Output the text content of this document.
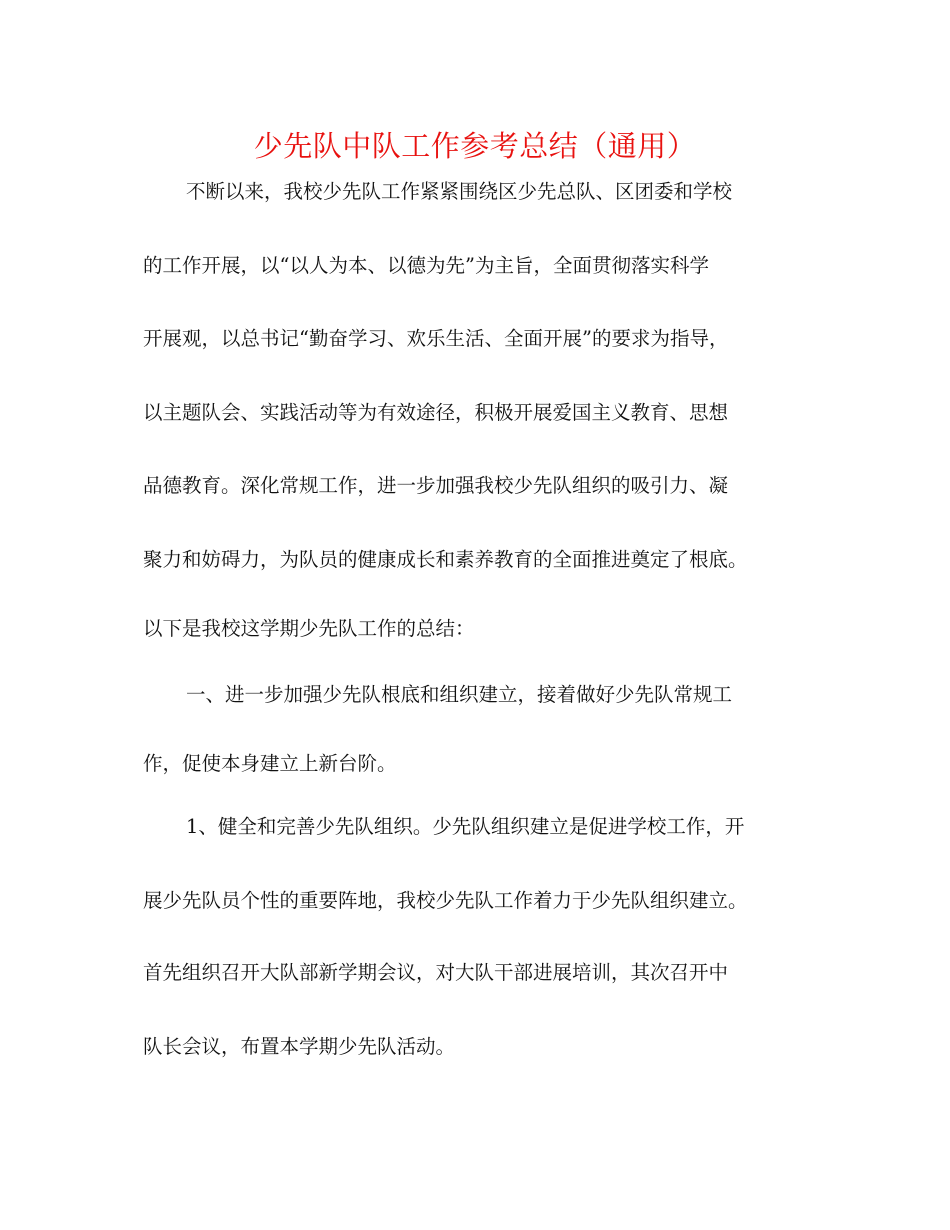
少先队中队工作参考总结（通用）
不断以来，我校少先队工作紧紧围绕区少先总队、区团委和学校
的工作开展，以“以人为本、以德为先”为主旨，全面贯彻落实科学
开展观，以总书记“勤奋学习、欢乐生活、全面开展”的要求为指导，
以主题队会、实践活动等为有效途径，积极开展爱国主义教育、思想
品德教育。深化常规工作，进一步加强我校少先队组织的吸引力、凝
聚力和妨碍力，为队员的健康成长和素养教育的全面推进奠定了根底。
以下是我校这学期少先队工作的总结：
一、进一步加强少先队根底和组织建立，接着做好少先队常规工
作，促使本身建立上新台阶。
1、健全和完善少先队组织。少先队组织建立是促进学校工作，开
展少先队员个性的重要阵地，我校少先队工作着力于少先队组织建立。
首先组织召开大队部新学期会议，对大队干部进展培训，其次召开中
队长会议，布置本学期少先队活动。
